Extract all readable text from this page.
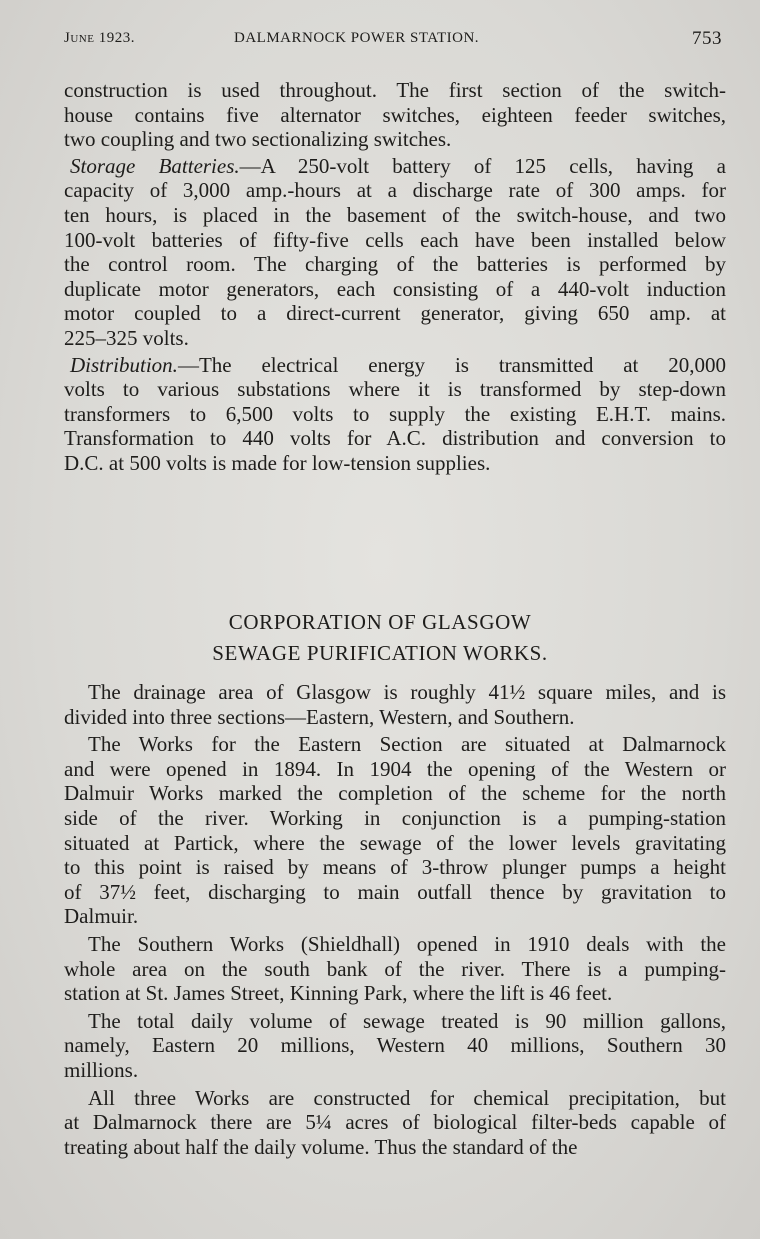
June 1923.	DALMARNOCK POWER STATION.	753
construction is used throughout. The first section of the switch-
house contains five alternator switches, eighteen feeder switches,
two coupling and two sectionalizing switches.
Storage Batteries.—A 250-volt battery of 125 cells, having a
capacity of 3,000 amp.-hours at a discharge rate of 300 amps. for
ten hours, is placed in the basement of the switch-house, and two
100-volt batteries of fifty-five cells each have been installed below
the control room. The charging of the batteries is performed by
duplicate motor generators, each consisting of a 440-volt induction
motor coupled to a direct-current generator, giving 650 amp. at
225–325 volts.
Distribution.—The electrical energy is transmitted at 20,000
volts to various substations where it is transformed by step-down
transformers to 6,500 volts to supply the existing E.H.T. mains.
Transformation to 440 volts for A.C. distribution and conversion to
D.C. at 500 volts is made for low-tension supplies.
CORPORATION OF GLASGOW
SEWAGE PURIFICATION WORKS.
The drainage area of Glasgow is roughly 41½ square miles, and is
divided into three sections—Eastern, Western, and Southern.
The Works for the Eastern Section are situated at Dalmarnock
and were opened in 1894. In 1904 the opening of the Western or
Dalmuir Works marked the completion of the scheme for the north
side of the river. Working in conjunction is a pumping-station
situated at Partick, where the sewage of the lower levels gravitating
to this point is raised by means of 3-throw plunger pumps a height
of 37½ feet, discharging to main outfall thence by gravitation to
Dalmuir.
The Southern Works (Shieldhall) opened in 1910 deals with the
whole area on the south bank of the river. There is a pumping-
station at St. James Street, Kinning Park, where the lift is 46 feet.
The total daily volume of sewage treated is 90 million gallons,
namely, Eastern 20 millions, Western 40 millions, Southern 30
millions.
All three Works are constructed for chemical precipitation, but
at Dalmarnock there are 5¼ acres of biological filter-beds capable of
treating about half the daily volume. Thus the standard of the
